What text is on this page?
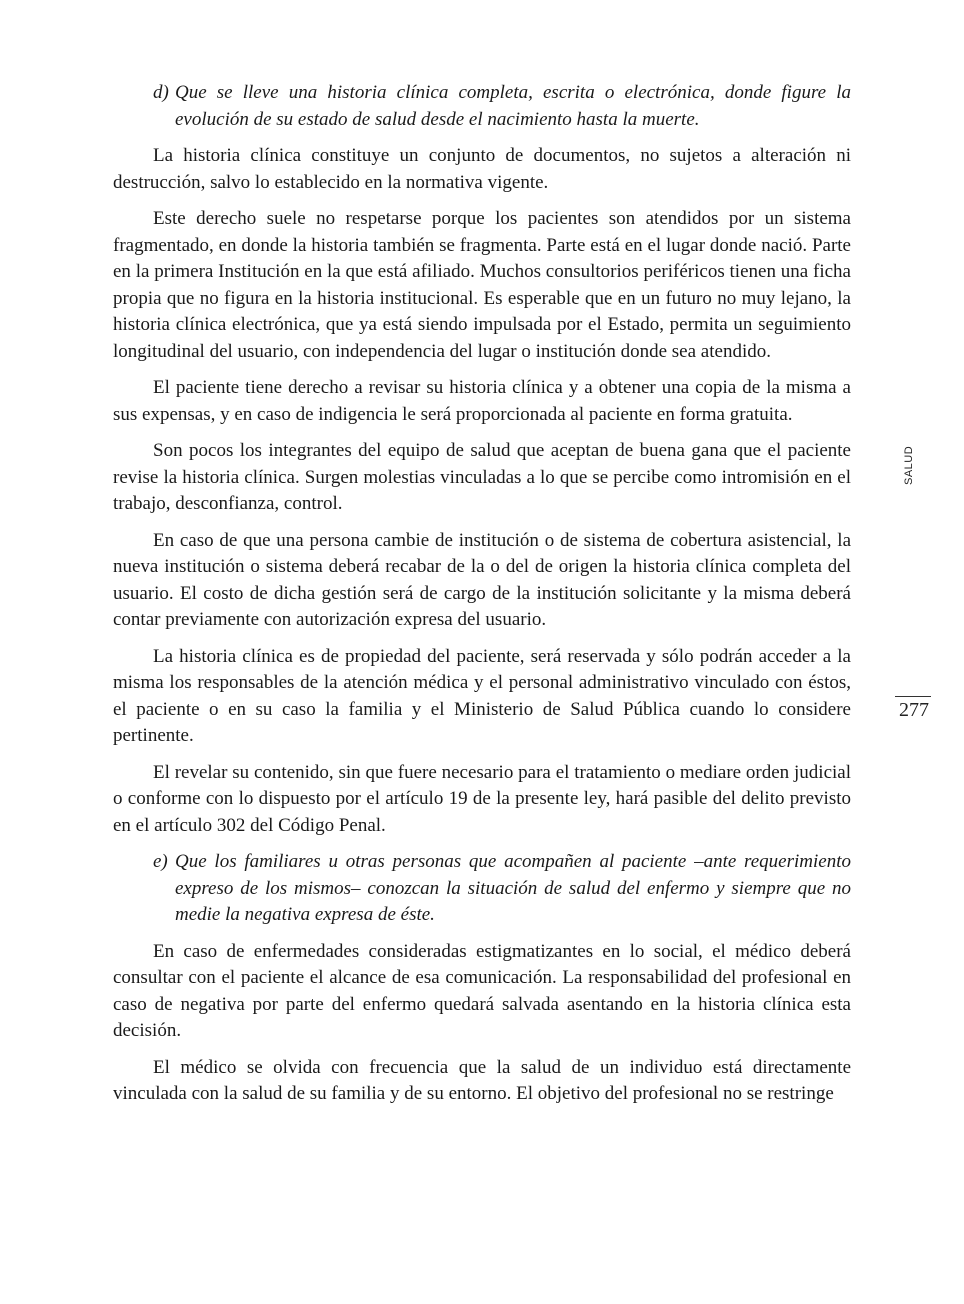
d) Que se lleve una historia clínica completa, escrita o electrónica, donde figure la evolución de su estado de salud desde el nacimiento hasta la muerte.

La historia clínica constituye un conjunto de documentos, no sujetos a alteración ni destrucción, salvo lo establecido en la normativa vigente.

Este derecho suele no respetarse porque los pacientes son atendidos por un sistema fragmentado, en donde la historia también se fragmenta. Parte está en el lugar donde nació. Parte en la primera Institución en la que está afiliado. Muchos consultorios periféricos tienen una ficha propia que no figura en la historia institucional. Es esperable que en un futuro no muy lejano, la historia clínica electrónica, que ya está siendo impulsada por el Estado, permita un seguimiento longitudinal del usuario, con independencia del lugar o institución donde sea atendido.

El paciente tiene derecho a revisar su historia clínica y a obtener una copia de la misma a sus expensas, y en caso de indigencia le será proporcionada al paciente en forma gratuita.

Son pocos los integrantes del equipo de salud que aceptan de buena gana que el paciente revise la historia clínica. Surgen molestias vinculadas a lo que se percibe como intromisión en el trabajo, desconfianza, control.

En caso de que una persona cambie de institución o de sistema de cobertura asistencial, la nueva institución o sistema deberá recabar de la o del de origen la historia clínica completa del usuario. El costo de dicha gestión será de cargo de la institución solicitante y la misma deberá contar previamente con autorización expresa del usuario.

La historia clínica es de propiedad del paciente, será reservada y sólo podrán acceder a la misma los responsables de la atención médica y el personal administrativo vinculado con éstos, el paciente o en su caso la familia y el Ministerio de Salud Pública cuando lo considere pertinente.

El revelar su contenido, sin que fuere necesario para el tratamiento o mediare orden judicial o conforme con lo dispuesto por el artículo 19 de la presente ley, hará pasible del delito previsto en el artículo 302 del Código Penal.

e) Que los familiares u otras personas que acompañen al paciente –ante requerimiento expreso de los mismos– conozcan la situación de salud del enfermo y siempre que no medie la negativa expresa de éste.

En caso de enfermedades consideradas estigmatizantes en lo social, el médico deberá consultar con el paciente el alcance de esa comunicación. La responsabilidad del profesional en caso de negativa por parte del enfermo quedará salvada asentando en la historia clínica esta decisión.

El médico se olvida con frecuencia que la salud de un individuo está directamente vinculada con la salud de su familia y de su entorno. El objetivo del profesional no se restringe

SALUD
277
